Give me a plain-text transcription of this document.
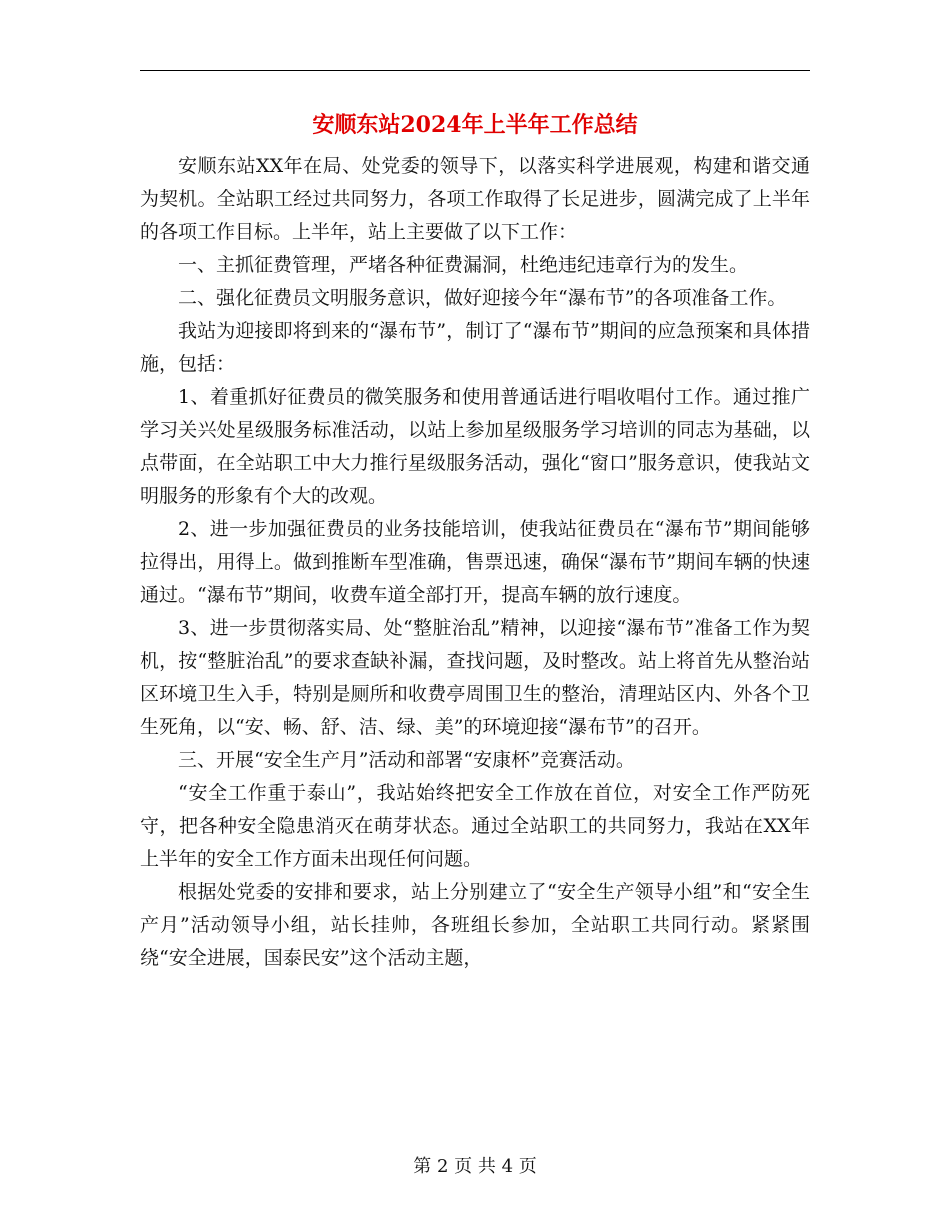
安顺东站2024年上半年工作总结

安顺东站XX年在局、处党委的领导下，以落实科学进展观，构建和谐交通为契机。全站职工经过共同努力，各项工作取得了长足进步，圆满完成了上半年的各项工作目标。上半年，站上主要做了以下工作：

一、主抓征费管理，严堵各种征费漏洞，杜绝违纪违章行为的发生。

二、强化征费员文明服务意识，做好迎接今年“瀑布节”的各项准备工作。

我站为迎接即将到来的“瀑布节”，制订了“瀑布节”期间的应急预案和具体措施，包括：

1、着重抓好征费员的微笑服务和使用普通话进行唱收唱付工作。通过推广学习关兴处星级服务标准活动，以站上参加星级服务学习培训的同志为基础，以点带面，在全站职工中大力推行星级服务活动，强化“窗口”服务意识，使我站文明服务的形象有个大的改观。

2、进一步加强征费员的业务技能培训，使我站征费员在“瀑布节”期间能够拉得出，用得上。做到推断车型准确，售票迅速，确保“瀑布节”期间车辆的快速通过。“瀑布节”期间，收费车道全部打开，提高车辆的放行速度。

3、进一步贯彻落实局、处“整脏治乱”精神，以迎接“瀑布节”准备工作为契机，按“整脏治乱”的要求查缺补漏，查找问题，及时整改。站上将首先从整治站区环境卫生入手，特别是厕所和收费亭周围卫生的整治，清理站区内、外各个卫生死角，以“安、畅、舒、洁、绿、美”的环境迎接“瀑布节”的召开。

三、开展“安全生产月”活动和部署“安康杯”竞赛活动。

“安全工作重于泰山”，我站始终把安全工作放在首位，对安全工作严防死守，把各种安全隐患消灭在萌芽状态。通过全站职工的共同努力，我站在XX年上半年的安全工作方面未出现任何问题。

根据处党委的安排和要求，站上分别建立了“安全生产领导小组”和“安全生产月”活动领导小组，站长挂帅，各班组长参加，全站职工共同行动。紧紧围绕“安全进展，国泰民安”这个活动主题，

第 2 页 共 4 页
